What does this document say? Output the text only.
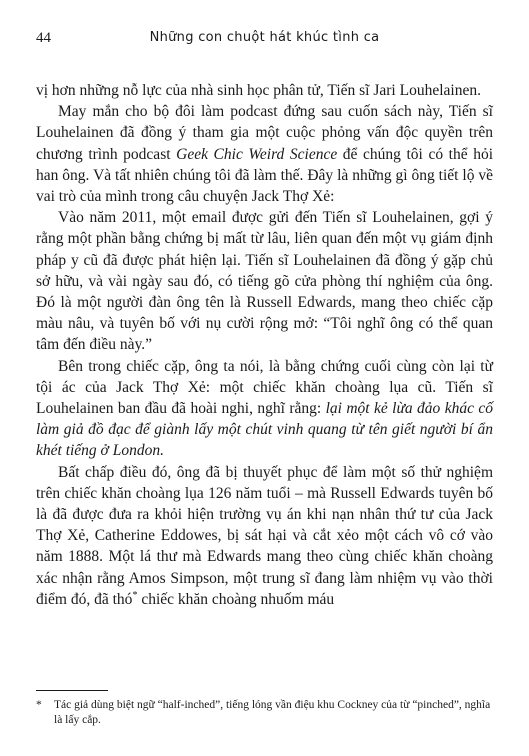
44	Những con chuột hát khúc tình ca

vị hơn những nỗ lực của nhà sinh học phân tử, Tiến sĩ Jari Louhelainen.

May mắn cho bộ đôi làm podcast đứng sau cuốn sách này, Tiến sĩ Louhelainen đã đồng ý tham gia một cuộc phỏng vấn độc quyền trên chương trình podcast Geek Chic Weird Science để chúng tôi có thể hỏi han ông. Và tất nhiên chúng tôi đã làm thế. Đây là những gì ông tiết lộ về vai trò của mình trong câu chuyện Jack Thợ Xẻ:

Vào năm 2011, một email được gửi đến Tiến sĩ Louhelainen, gợi ý rằng một phần bằng chứng bị mất từ lâu, liên quan đến một vụ giám định pháp y cũ đã được phát hiện lại. Tiến sĩ Louhelainen đã đồng ý gặp chủ sở hữu, và vài ngày sau đó, có tiếng gõ cửa phòng thí nghiệm của ông. Đó là một người đàn ông tên là Russell Edwards, mang theo chiếc cặp màu nâu, và tuyên bố với nụ cười rộng mở: “Tôi nghĩ ông có thể quan tâm đến điều này.”

Bên trong chiếc cặp, ông ta nói, là bằng chứng cuối cùng còn lại từ tội ác của Jack Thợ Xẻ: một chiếc khăn choàng lụa cũ. Tiến sĩ Louhelainen ban đầu đã hoài nghi, nghĩ rằng: lại một kẻ lừa đảo khác cố làm giả đồ đạc để giành lấy một chút vinh quang từ tên giết người bí ẩn khét tiếng ở London.

Bất chấp điều đó, ông đã bị thuyết phục để làm một số thử nghiệm trên chiếc khăn choàng lụa 126 năm tuổi – mà Russell Edwards tuyên bố là đã được đưa ra khỏi hiện trường vụ án khi nạn nhân thứ tư của Jack Thợ Xẻ, Catherine Eddowes, bị sát hại và cắt xẻo một cách vô cớ vào năm 1888. Một lá thư mà Edwards mang theo cùng chiếc khăn choàng xác nhận rằng Amos Simpson, một trung sĩ đang làm nhiệm vụ vào thời điểm đó, đã thó* chiếc khăn choàng nhuốm máu

*	Tác giả dùng biệt ngữ “half-inched”, tiếng lóng vần điệu khu Cockney của từ “pinched”, nghĩa là lấy cắp.
